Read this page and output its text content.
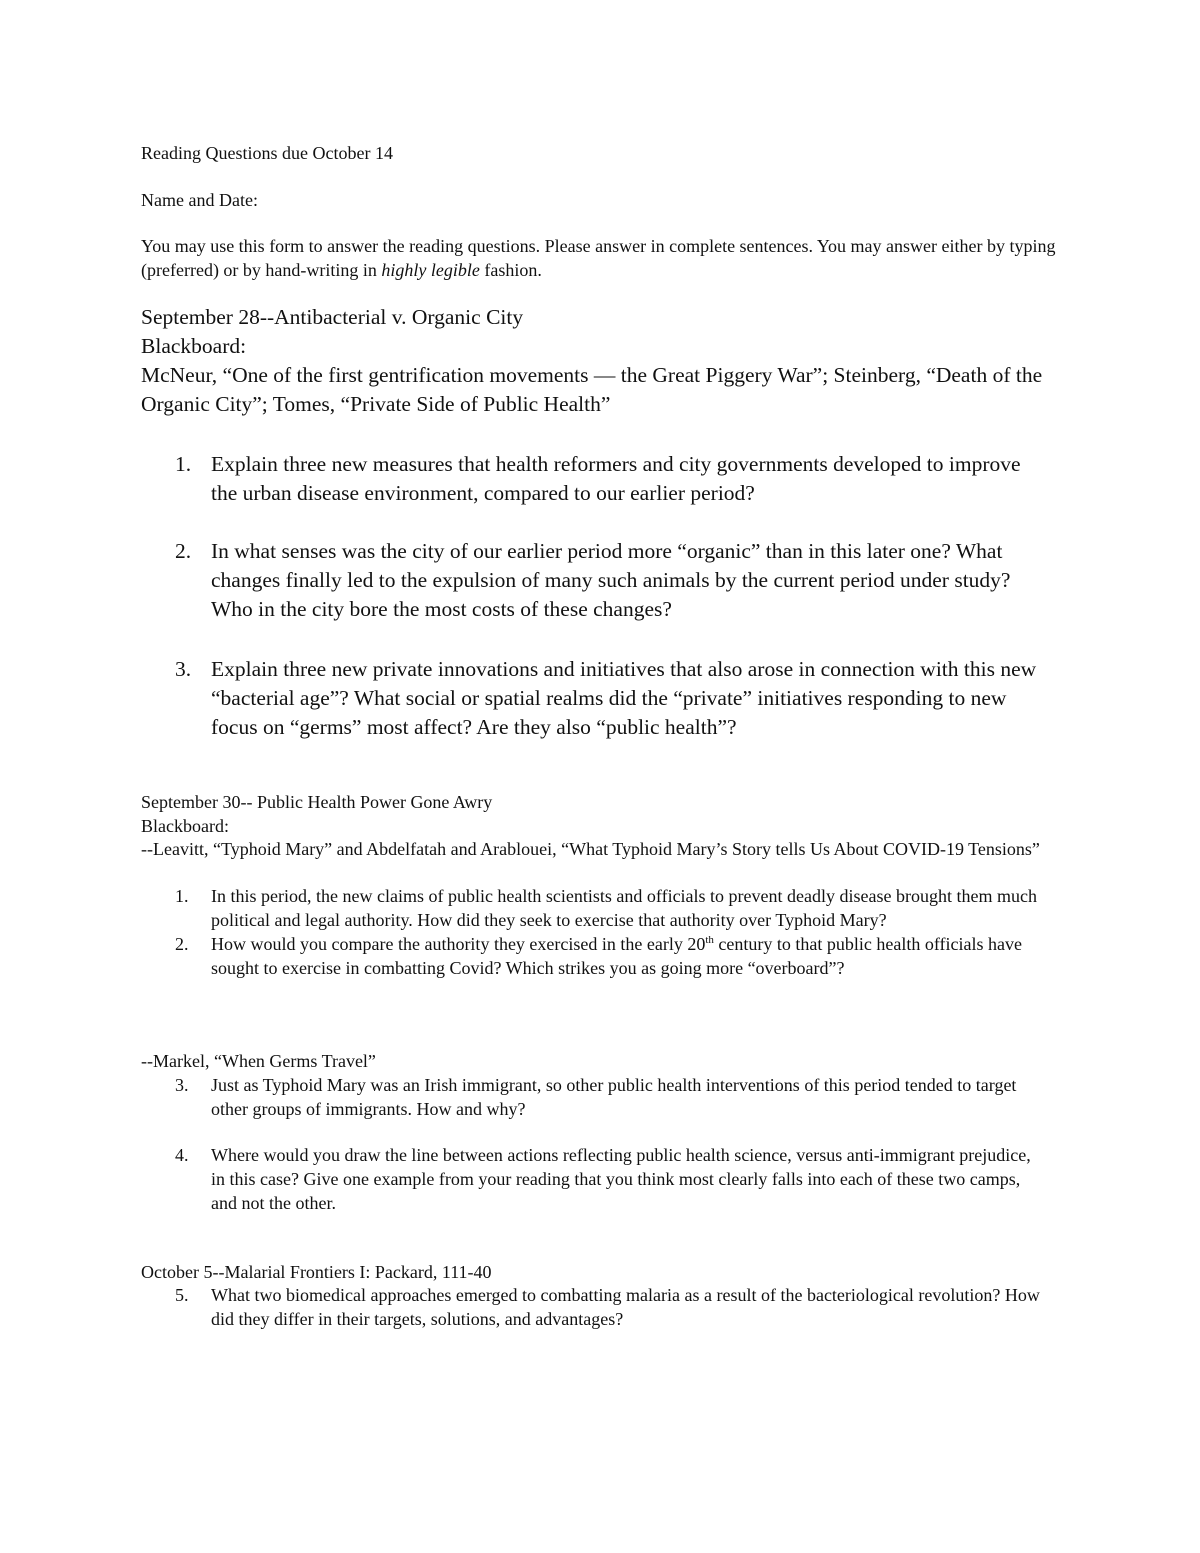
Reading Questions due October 14

Name and Date:

You may use this form to answer the reading questions. Please answer in complete sentences. You may answer either by typing (preferred) or by hand-writing in highly legible fashion.

September 28--Antibacterial v. Organic City

Blackboard:

McNeur, “One of the first gentrification movements — the Great Piggery War”; Steinberg, “Death of the Organic City”; Tomes, “Private Side of Public Health”

1. Explain three new measures that health reformers and city governments developed to improve the urban disease environment, compared to our earlier period?
2. In what senses was the city of our earlier period more “organic” than in this later one? What changes finally led to the expulsion of many such animals by the current period under study? Who in the city bore the most costs of these changes?
3. Explain three new private innovations and initiatives that also arose in connection with this new “bacterial age”? What social or spatial realms did the “private” initiatives responding to new focus on “germs” most affect? Are they also “public health”?

September 30-- Public Health Power Gone Awry

Blackboard:

--Leavitt, “Typhoid Mary” and Abdelfatah and Arablouei, “What Typhoid Mary’s Story tells Us About COVID-19 Tensions”

1. In this period, the new claims of public health scientists and officials to prevent deadly disease brought them much political and legal authority. How did they seek to exercise that authority over Typhoid Mary?
2. How would you compare the authority they exercised in the early 20th century to that public health officials have sought to exercise in combatting Covid? Which strikes you as going more “overboard”?

--Markel, “When Germs Travel”

3. Just as Typhoid Mary was an Irish immigrant, so other public health interventions of this period tended to target other groups of immigrants. How and why?
4. Where would you draw the line between actions reflecting public health science, versus anti-immigrant prejudice, in this case? Give one example from your reading that you think most clearly falls into each of these two camps, and not the other.

October 5--Malarial Frontiers I: Packard, 111-40

5. What two biomedical approaches emerged to combatting malaria as a result of the bacteriological revolution? How did they differ in their targets, solutions, and advantages?
